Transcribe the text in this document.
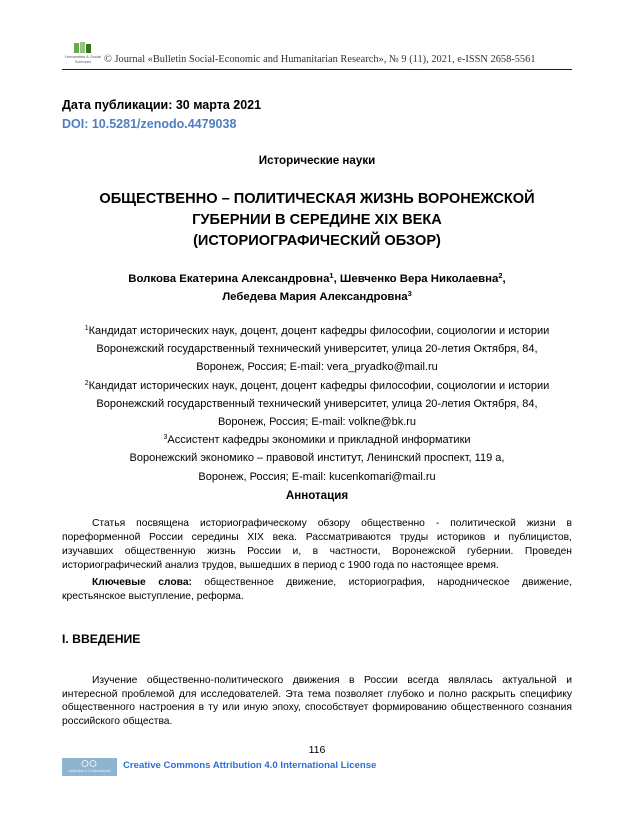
Humanities & Social Sciences	© Journal «Bulletin Social-Economic and Humanitarian Research», № 9 (11), 2021, e-ISSN 2658-5561
Дата публикации: 30 марта 2021
DOI: 10.5281/zenodo.4479038
Исторические науки
ОБЩЕСТВЕННО – ПОЛИТИЧЕСКАЯ ЖИЗНЬ ВОРОНЕЖСКОЙ
ГУБЕРНИИ В СЕРЕДИНЕ XIX ВЕКА
(ИСТОРИОГРАФИЧЕСКИЙ ОБЗОР)
Волкова Екатерина Александровна$^1$, Шевченко Вера Николаевна$^2$,
Лебедева Мария Александровна$^3$
$^1$Кандидат исторических наук, доцент, доцент кафедры философии, социологии и истории
Воронежский государственный технический университет, улица 20-летия Октября, 84,
Воронеж, Россия; E-mail: vera_pryadko@mail.ru
$^2$Кандидат исторических наук, доцент, доцент кафедры философии, социологии и истории
Воронежский государственный технический университет, улица 20-летия Октября, 84,
Воронеж, Россия; E-mail: volkne@bk.ru
$^3$Ассистент кафедры экономики и прикладной информатики
Воронежский экономико – правовой институт, Ленинский проспект, 119 а,
Воронеж, Россия; E-mail: kucenkomari@mail.ru
Аннотация

Статья посвящена историографическому обзору общественно - политической жизни в пореформенной России середины XIX века. Рассматриваются труды историков и публицистов, изучавших общественную жизнь России и, в частности, Воронежской губернии. Проведен историографический анализ трудов, вышедших в период с 1900 года по настоящее время.

Ключевые слова: общественное движение, историография, народническое движение, крестьянское выступление, реформа.

I. ВВЕДЕНИЕ

Изучение общественно-политического движения в России всегда являлась актуальной и интересной проблемой для исследователей. Эта тема позволяет глубоко и полно раскрыть специфику общественного настроения в ту или иную эпоху, способствует формированию общественного сознания российского общества.

116
Attribution 4.0 International	Creative Commons Attribution 4.0 International License
